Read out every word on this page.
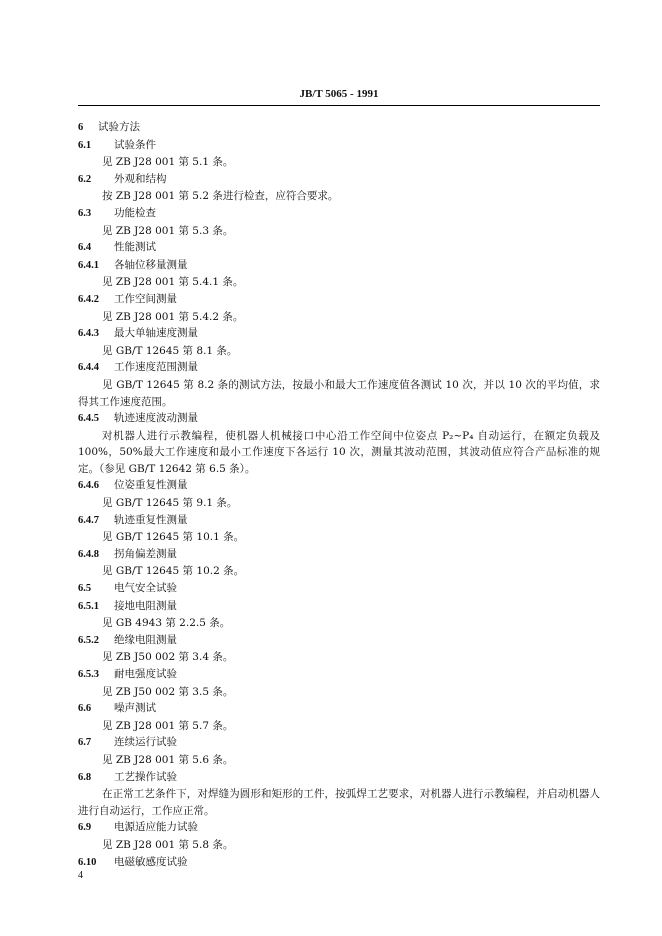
JB/T 5065 - 1991
6 试验方法
6.1 试验条件
见 ZB J28 001 第 5.1 条。
6.2 外观和结构
按 ZB J28 001 第 5.2 条进行检查，应符合要求。
6.3 功能检查
见 ZB J28 001 第 5.3 条。
6.4 性能测试
6.4.1 各轴位移量测量
见 ZB J28 001 第 5.4.1 条。
6.4.2 工作空间测量
见 ZB J28 001 第 5.4.2 条。
6.4.3 最大单轴速度测量
见 GB/T 12645 第 8.1 条。
6.4.4 工作速度范围测量
见 GB/T 12645 第 8.2 条的测试方法，按最小和最大工作速度值各测试 10 次，并以 10 次的平均值，求得其工作速度范围。
6.4.5 轨迹速度波动测量
对机器人进行示教编程，使机器人机械接口中心沿工作空间中位姿点 P₂~P₄ 自动运行，在额定负载及 100%，50%最大工作速度和最小工作速度下各运行 10 次，测量其波动范围，其波动值应符合产品标准的规定。（参见 GB/T 12642 第 6.5 条）。
6.4.6 位姿重复性测量
见 GB/T 12645 第 9.1 条。
6.4.7 轨迹重复性测量
见 GB/T 12645 第 10.1 条。
6.4.8 拐角偏差测量
见 GB/T 12645 第 10.2 条。
6.5 电气安全试验
6.5.1 接地电阻测量
见 GB 4943 第 2.2.5 条。
6.5.2 绝缘电阻测量
见 ZB J50 002 第 3.4 条。
6.5.3 耐电强度试验
见 ZB J50 002 第 3.5 条。
6.6 噪声测试
见 ZB J28 001 第 5.7 条。
6.7 连续运行试验
见 ZB J28 001 第 5.6 条。
6.8 工艺操作试验
在正常工艺条件下，对焊缝为圆形和矩形的工件，按弧焊工艺要求，对机器人进行示教编程，并启动机器人进行自动运行，工作应正常。
6.9 电源适应能力试验
见 ZB J28 001 第 5.8 条。
6.10 电磁敏感度试验
4
